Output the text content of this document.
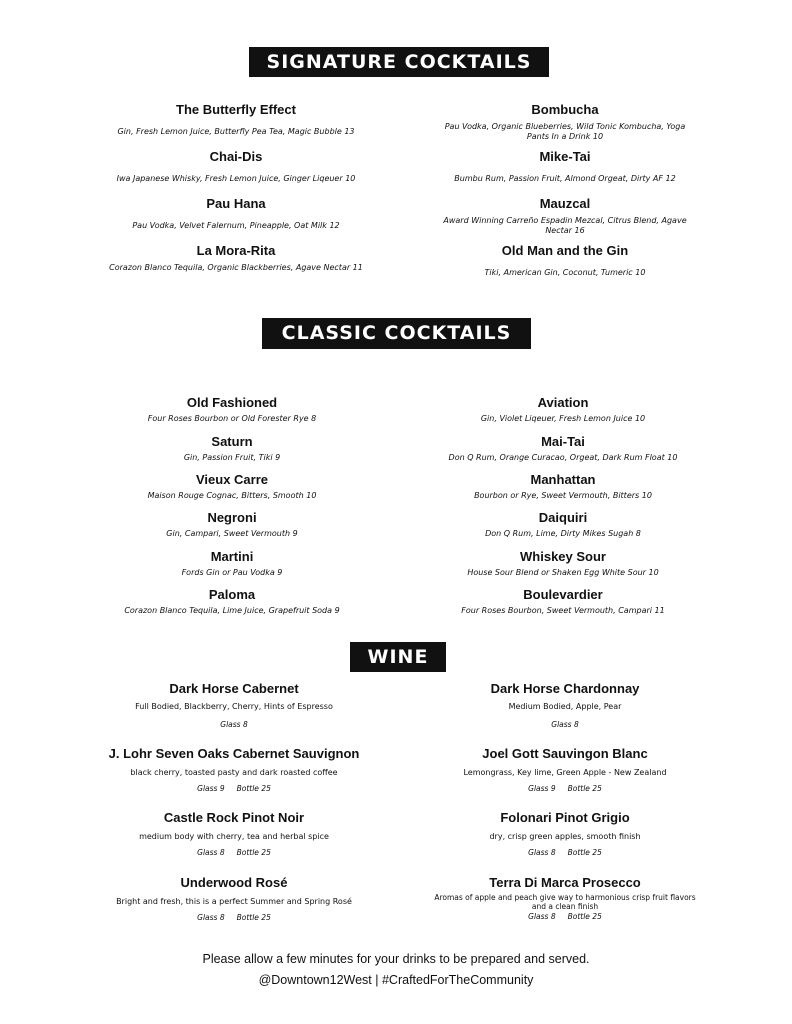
SIGNATURE COCKTAILS
CLASSIC COCKTAILS
WINE
The Butterfly Effect
Gin, Fresh Lemon Juice, Butterfly Pea Tea, Magic Bubble 13
Chai-Dis
Iwa Japanese Whisky, Fresh Lemon Juice, Ginger Liqeuer 10
Pau Hana
Pau Vodka, Velvet Falernum, Pineapple, Oat Milk 12
La Mora-Rita
Corazon Blanco Tequila, Organic Blackberries, Agave Nectar 11
Bombucha
Pau Vodka, Organic Blueberries, Wild Tonic Kombucha, Yoga Pants In a Drink 10
Mike-Tai
Bumbu Rum, Passion Fruit, Almond Orgeat, Dirty AF 12
Mauzcal
Award Winning Carreño Espadin Mezcal, Citrus Blend, Agave Nectar 16
Old Man and the Gin
Tiki, American Gin, Coconut, Tumeric 10
Old Fashioned
Four Roses Bourbon or Old Forester Rye 8
Saturn
Gin, Passion Fruit, Tiki 9
Vieux Carre
Maison Rouge Cognac, Bitters, Smooth 10
Negroni
Gin, Campari, Sweet Vermouth 9
Martini
Fords Gin or Pau Vodka 9
Paloma
Corazon Blanco Tequila, Lime Juice, Grapefruit Soda 9
Aviation
Gin, Violet Liqeuer, Fresh Lemon Juice 10
Mai-Tai
Don Q Rum, Orange Curacao, Orgeat, Dark Rum Float 10
Manhattan
Bourbon or Rye, Sweet Vermouth, Bitters 10
Daiquiri
Don Q Rum, Lime, Dirty Mikes Sugah 8
Whiskey Sour
House Sour Blend or Shaken Egg White Sour 10
Boulevardier
Four Roses Bourbon, Sweet Vermouth, Campari 11
Dark Horse Cabernet
Full Bodied, Blackberry, Cherry, Hints of Espresso
Glass 8
J. Lohr Seven Oaks Cabernet Sauvignon
black cherry, toasted pasty and dark roasted coffee
Glass 9 Bottle 25
Castle Rock Pinot Noir
medium body with cherry, tea and herbal spice
Glass 8 Bottle 25
Underwood Rosé
Bright and fresh, this is a perfect Summer and Spring Rosé
Glass 8 Bottle 25
Dark Horse Chardonnay
Medium Bodied, Apple, Pear
Glass 8
Joel Gott Sauvingon Blanc
Lemongrass, Key lime, Green Apple - New Zealand
Glass 9 Bottle 25
Folonari Pinot Grigio
dry, crisp green apples, smooth finish
Glass 8 Bottle 25
Terra Di Marca Prosecco
Aromas of apple and peach give way to harmonious crisp fruit flavors and a clean finish
Glass 8 Bottle 25
Please allow a few minutes for your drinks to be prepared and served.
@Downtown12West | #CraftedForTheCommunity
